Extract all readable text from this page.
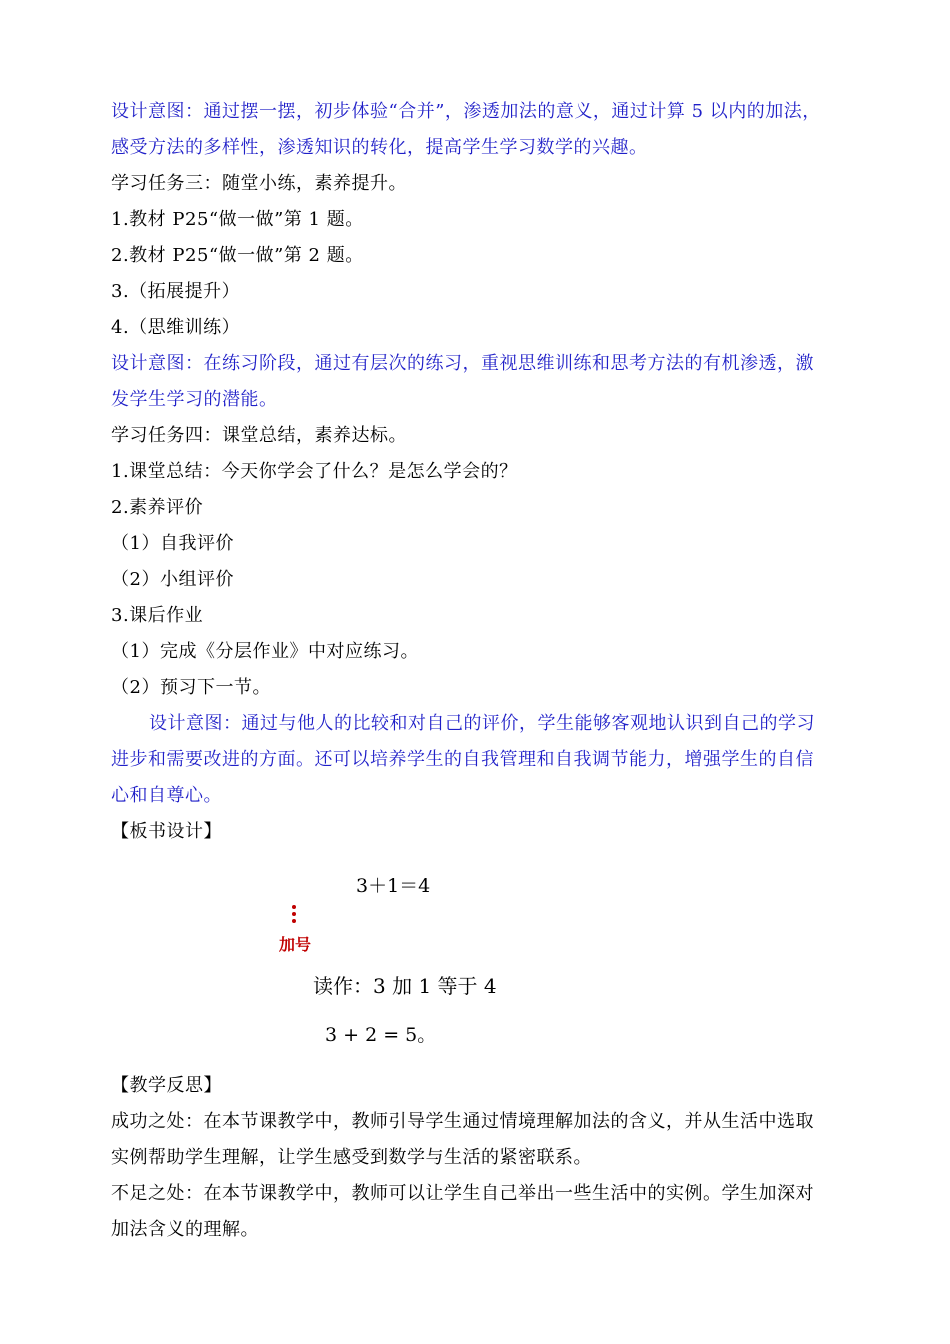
设计意图：通过摆一摆，初步体验“合并”，渗透加法的意义，通过计算 5 以内的加法，
感受方法的多样性，渗透知识的转化，提高学生学习数学的兴趣。
学习任务三：随堂小练，素养提升。
1.教材 P25“做一做”第 1 题。
2.教材 P25“做一做”第 2 题。
3.（拓展提升）
4.（思维训练）
设计意图：在练习阶段，通过有层次的练习，重视思维训练和思考方法的有机渗透，激
发学生学习的潜能。
学习任务四：课堂总结，素养达标。
1.课堂总结：今天你学会了什么？是怎么学会的？
2.素养评价
（1）自我评价
（2）小组评价
3.课后作业
（1）完成《分层作业》中对应练习。
（2）预习下一节。
设计意图：通过与他人的比较和对自己的评价，学生能够客观地认识到自己的学习
进步和需要改进的方面。还可以培养学生的自我管理和自我调节能力，增强学生的自信
心和自尊心。
【板书设计】
3＋1＝4
加号
读作：3 加 1 等于 4
3 + 2 = 5。
【教学反思】
成功之处：在本节课教学中，教师引导学生通过情境理解加法的含义，并从生活中选取
实例帮助学生理解，让学生感受到数学与生活的紧密联系。
不足之处：在本节课教学中，教师可以让学生自己举出一些生活中的实例。学生加深对
加法含义的理解。
